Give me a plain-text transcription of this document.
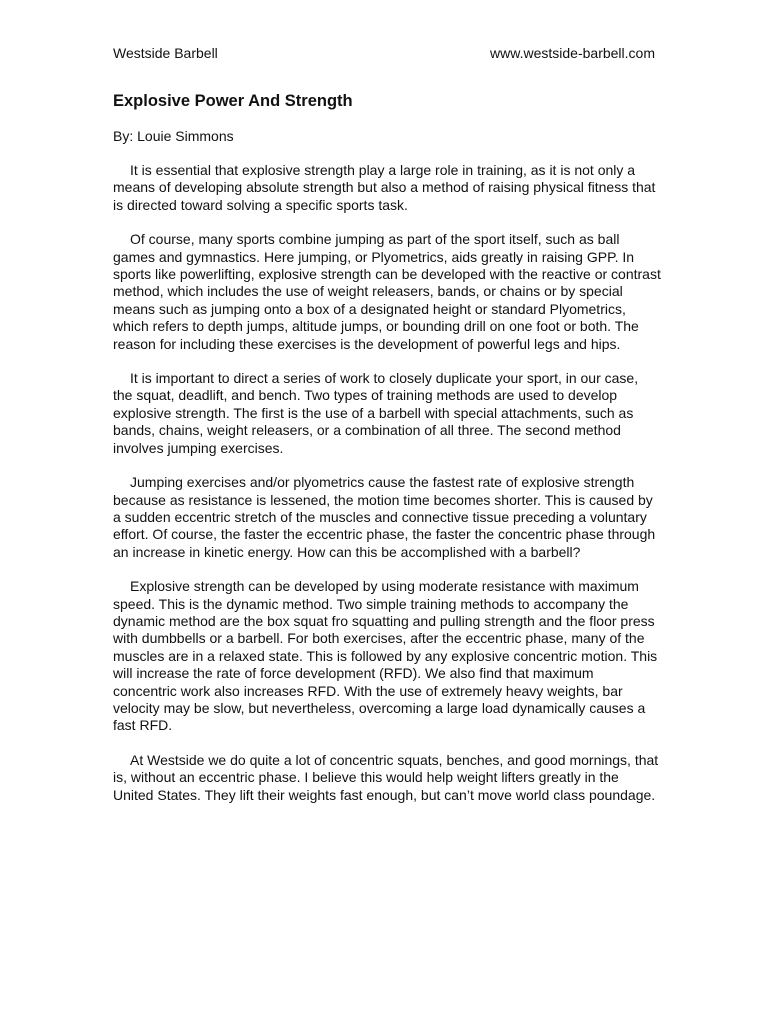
Westside Barbell	www.westside-barbell.com
Explosive Power And Strength

By: Louie Simmons

It is essential that explosive strength play a large role in training, as it is not only a means of developing absolute strength but also a method of raising physical fitness that is directed toward solving a specific sports task.

Of course, many sports combine jumping as part of the sport itself, such as ball games and gymnastics. Here jumping, or Plyometrics, aids greatly in raising GPP. In sports like powerlifting, explosive strength can be developed with the reactive or contrast method, which includes the use of weight releasers, bands, or chains or by special means such as jumping onto a box of a designated height or standard Plyometrics, which refers to depth jumps, altitude jumps, or bounding drill on one foot or both. The reason for including these exercises is the development of powerful legs and hips.

It is important to direct a series of work to closely duplicate your sport, in our case, the squat, deadlift, and bench. Two types of training methods are used to develop explosive strength. The first is the use of a barbell with special attachments, such as bands, chains, weight releasers, or a combination of all three. The second method involves jumping exercises.

Jumping exercises and/or plyometrics cause the fastest rate of explosive strength because as resistance is lessened, the motion time becomes shorter. This is caused by a sudden eccentric stretch of the muscles and connective tissue preceding a voluntary effort. Of course, the faster the eccentric phase, the faster the concentric phase through an increase in kinetic energy. How can this be accomplished with a barbell?

Explosive strength can be developed by using moderate resistance with maximum speed. This is the dynamic method. Two simple training methods to accompany the dynamic method are the box squat fro squatting and pulling strength and the floor press with dumbbells or a barbell. For both exercises, after the eccentric phase, many of the muscles are in a relaxed state. This is followed by any explosive concentric motion. This will increase the rate of force development (RFD). We also find that maximum concentric work also increases RFD. With the use of extremely heavy weights, bar velocity may be slow, but nevertheless, overcoming a large load dynamically causes a fast RFD.

At Westside we do quite a lot of concentric squats, benches, and good mornings, that is, without an eccentric phase. I believe this would help weight lifters greatly in the United States. They lift their weights fast enough, but can’t move world class poundage.
